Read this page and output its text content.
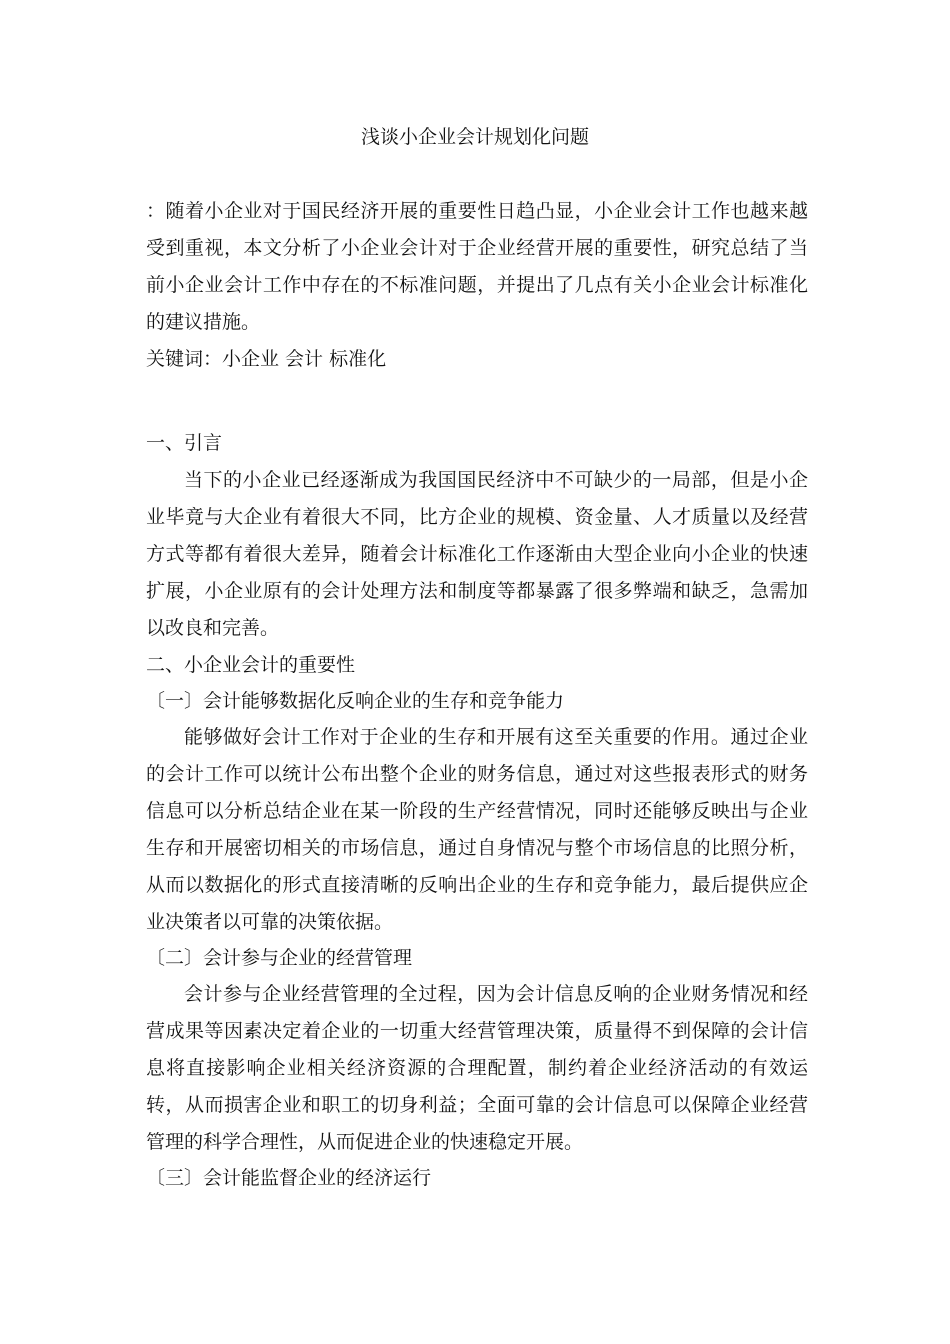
浅谈小企业会计规划化问题

：随着小企业对于国民经济开展的重要性日趋凸显，小企业会计工作也越来越受到重视，本文分析了小企业会计对于企业经营开展的重要性，研究总结了当前小企业会计工作中存在的不标准问题，并提出了几点有关小企业会计标准化的建议措施。

关键词：小企业 会计 标准化

一、引言

当下的小企业已经逐渐成为我国国民经济中不可缺少的一局部，但是小企业毕竟与大企业有着很大不同，比方企业的规模、资金量、人才质量以及经营方式等都有着很大差异，随着会计标准化工作逐渐由大型企业向小企业的快速扩展，小企业原有的会计处理方法和制度等都暴露了很多弊端和缺乏，急需加以改良和完善。

二、小企业会计的重要性

〔一〕会计能够数据化反响企业的生存和竞争能力

能够做好会计工作对于企业的生存和开展有这至关重要的作用。通过企业的会计工作可以统计公布出整个企业的财务信息，通过对这些报表形式的财务信息可以分析总结企业在某一阶段的生产经营情况，同时还能够反映出与企业生存和开展密切相关的市场信息，通过自身情况与整个市场信息的比照分析，从而以数据化的形式直接清晰的反响出企业的生存和竞争能力，最后提供应企业决策者以可靠的决策依据。

〔二〕会计参与企业的经营管理

会计参与企业经营管理的全过程，因为会计信息反响的企业财务情况和经营成果等因素决定着企业的一切重大经营管理决策，质量得不到保障的会计信息将直接影响企业相关经济资源的合理配置，制约着企业经济活动的有效运转，从而损害企业和职工的切身利益；全面可靠的会计信息可以保障企业经营管理的科学合理性，从而促进企业的快速稳定开展。

〔三〕会计能监督企业的经济运行
